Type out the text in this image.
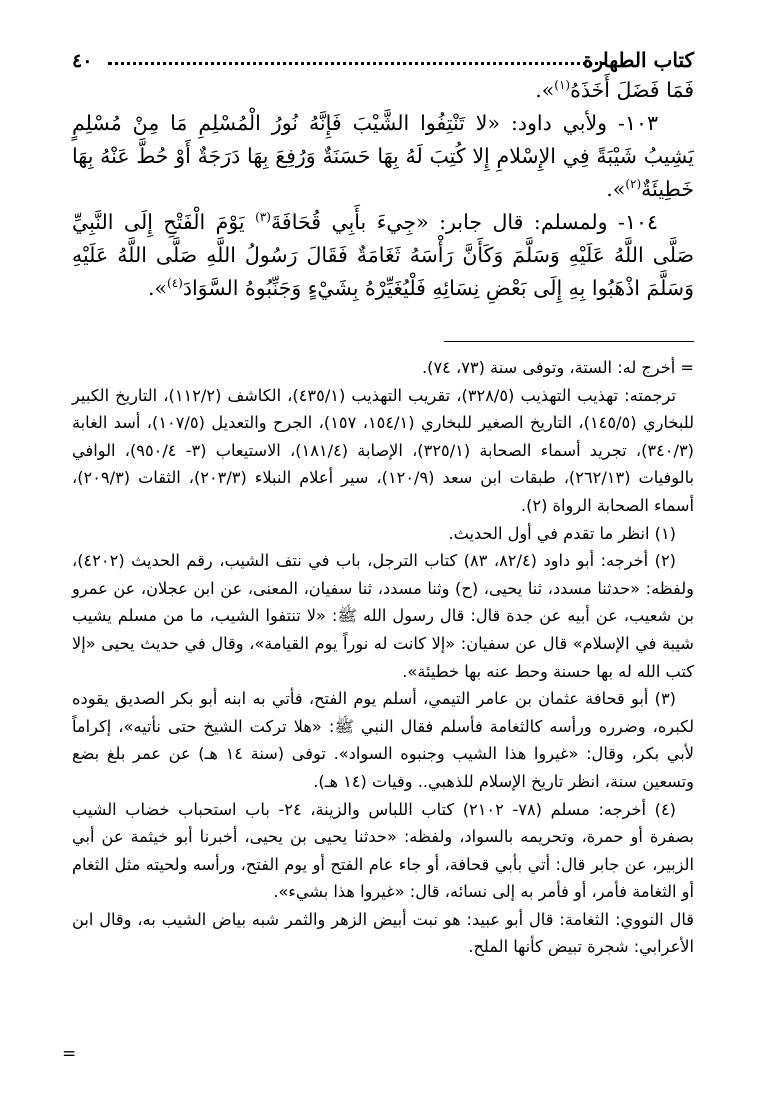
كتاب الطهارة
٤٠

فَمَا فَضَلَ أَخَذَهُ$^{(١)}$».

١٠٣- ولأبي داود: «لا تَنْتِفُوا الشَّيْبَ فَإِنَّهُ نُورُ الْمُسْلِمِ مَا مِنْ مُسْلِمٍ يَشِيبُ شَيْبَةً فِي الإِسْلامِ إِلا كُتِبَ لَهُ بِهَا حَسَنَةٌ وَرُفِعَ بِهَا دَرَجَةٌ أَوْ حُطَّ عَنْهُ بِهَا خَطِيئَةٌ$^{(٢)}$».

١٠٤- ولمسلم: قال جابر: «جِيءَ بأَبِي قُحَافَةَ$^{(٣)}$ يَوْمَ الْفَتْحِ إِلَى النَّبِيِّ صَلَّى اللَّهُ عَلَيْهِ وَسَلَّمَ وَكَأَنَّ رَأْسَهُ ثَغَامَةٌ فَقَالَ رَسُولُ اللَّهِ صَلَّى اللَّهُ عَلَيْهِ وَسَلَّمَ اذْهَبُوا بِهِ إِلَى بَعْضِ نِسَائِهِ فَلْيُغَيِّرْهُ بِشَيْءٍ وَجَنِّبُوهُ السَّوَادَ$^{(٤)}$».

= أخرج له: الستة، وتوفى سنة (٧٣، ٧٤).

ترجمته: تهذيب التهذيب (٣٢٨/٥)، تقريب التهذيب (٤٣٥/١)، الكاشف (١١٢/٢)، التاريخ الكبير للبخاري (١٤٥/٥)، التاريخ الصغير للبخاري (١٥٤/١، ١٥٧)، الجرح والتعديل (١٠٧/٥)، أسد الغابة (٣٤٠/٣)، تجريد أسماء الصحابة (٣٢٥/١)، الإصابة (١٨١/٤)، الاستيعاب (٣- ٩٥٠/٤)، الوافي بالوفيات (٢٦٢/١٣)، طبقات ابن سعد (١٢٠/٩)، سير أعلام النبلاء (٢٠٣/٣)، الثقات (٢٠٩/٣)، أسماء الصحابة الرواة (٢).

(١) انظر ما تقدم في أول الحديث.

(٢) أخرجه: أبو داود (٨٢/٤، ٨٣) كتاب الترجل، باب في نتف الشيب، رقم الحديث (٤٢٠٢)، ولفظه: «حدثنا مسدد، ثنا يحيى، (ح) وثنا مسدد، ثنا سفيان، المعنى، عن ابن عجلان، عن عمرو بن شعيب، عن أبيه عن جدة قال: قال رسول الله ﷺ: «لا تنتفوا الشيب، ما من مسلم يشيب شيبة في الإسلام» قال عن سفيان: «إلا كانت له نوراً يوم القيامة»، وقال في حديث يحيى «إلا كتب الله له بها حسنة وحط عنه بها خطيئة».

(٣) أبو قحافة عثمان بن عامر التيمي، أسلم يوم الفتح، فأتي به ابنه أبو بكر الصديق يقوده لكبره، وضرره ورأسه كالثغامة فأسلم فقال النبي ﷺ: «هلا تركت الشيخ حتى نأتيه»، إكراماً لأبي بكر، وقال: «غيروا هذا الشيب وجنبوه السواد». توفى (سنة ١٤ هـ) عن عمر بلغ بضع وتسعين سنة، انظر تاريخ الإسلام للذهبي.. وفيات (١٤ هـ).

(٤) أخرجه: مسلم (٧٨- ٢١٠٢) كتاب اللباس والزينة، ٢٤- باب استحباب خضاب الشيب بصفرة أو حمرة، وتحريمه بالسواد، ولفظه: «حدثنا يحيى بن يحيى، أخبرنا أبو خيثمة عن أبي الزبير، عن جابر قال: أتي بأبي قحافة، أو جاء عام الفتح أو يوم الفتح، ورأسه ولحيته مثل الثغام أو الثغامة فأمر، أو فأمر به إلى نسائه، قال: «غيروا هذا بشيء».

قال النووي: الثغامة: قال أبو عبيد: هو نبت أبيض الزهر والثمر شبه بياض الشيب به، وقال ابن الأعرابي: شجرة تبيض كأنها الملح.

=
